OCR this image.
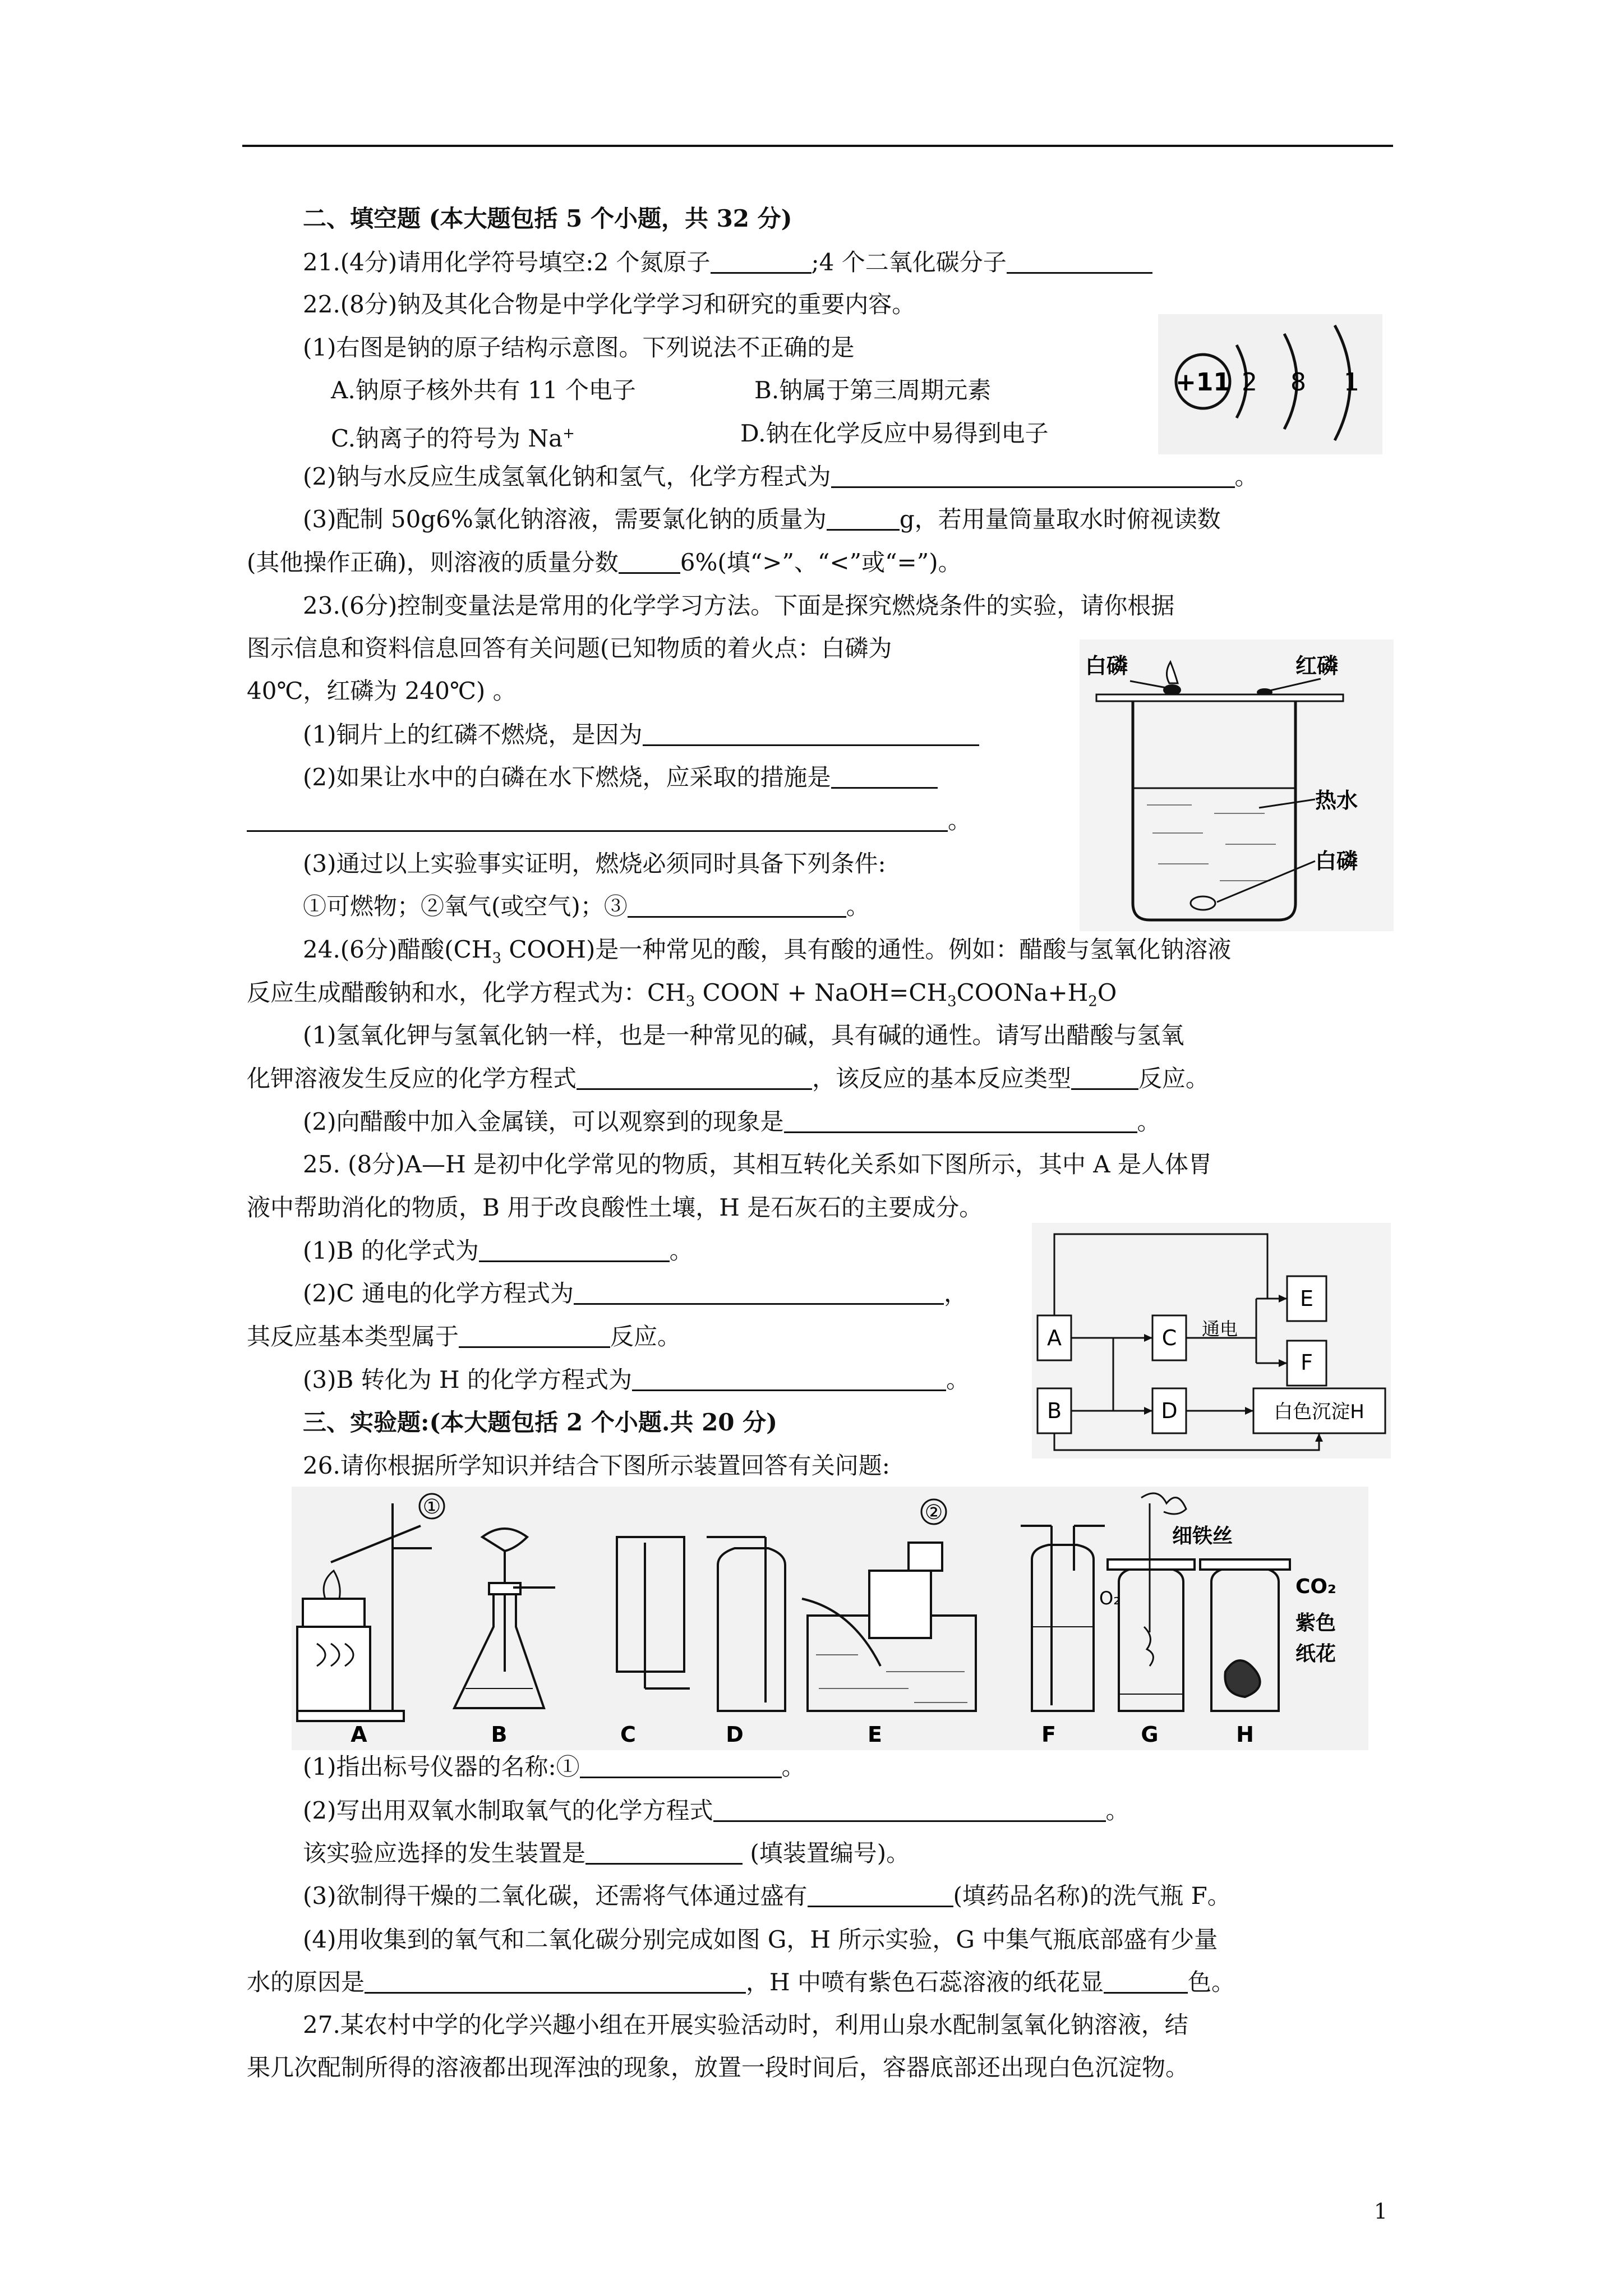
二、填空题 (本大题包括 5 个小题，共 32 分)
21.(4分)请用化学符号填空:2 个氮原子	;4 个二氧化碳分子
22.(8分)钠及其化合物是中学化学学习和研究的重要内容。
(1)右图是钠的原子结构示意图。下列说法不正确的是
A.钠原子核外共有 11 个电子	B.钠属于第三周期元素
C.钠离子的符号为 Na+	D.钠在化学反应中易得到电子
+11 2 8 1
(2)钠与水反应生成氢氧化钠和氢气，化学方程式为	。
(3)配制 50g6%氯化钠溶液，需要氯化钠的质量为	g，若用量筒量取水时俯视读数
(其他操作正确)，则溶液的质量分数	6%(填“>”、“<”或“=”)。
23.(6分)控制变量法是常用的化学学习方法。下面是探究燃烧条件的实验，请你根据
图示信息和资料信息回答有关问题(已知物质的着火点：白磷为
40℃，红磷为 240℃) 。
(1)铜片上的红磷不燃烧，是因为
(2)如果让水中的白磷在水下燃烧，应采取的措施是
。
(3)通过以上实验事实证明，燃烧必须同时具备下列条件:
①可燃物；②氧气(或空气)；③	。
白磷	红磷
热水
白磷
24.(6分)醋酸($CH_3$ COOH)是一种常见的酸，具有酸的通性。例如：醋酸与氢氧化钠溶液
反应生成醋酸钠和水，化学方程式为：$CH_3$ COON + $NaOH=CH_3COONa+H_2O$
(1)氢氧化钾与氢氧化钠一样，也是一种常见的碱，具有碱的通性。请写出醋酸与氢氧
化钾溶液发生反应的化学方程式	，该反应的基本反应类型	反应。
(2)向醋酸中加入金属镁，可以观察到的现象是	。
25. (8分)A—H 是初中化学常见的物质，其相互转化关系如下图所示，其中 A 是人体胃
液中帮助消化的物质，B 用于改良酸性土壤，H 是石灰石的主要成分。
(1)B 的化学式为	。
(2)C 通电的化学方程式为	，
其反应基本类型属于	反应。
(3)B 转化为 H 的化学方程式为	。
A
B
C
D
E
F
白色沉淀H
通电
三、实验题:(本大题包括 2 个小题.共 20 分)
26.请你根据所学知识并结合下图所示装置回答有关问题:
①	②
O₂
细铁丝
CO₂
紫色
纸花
A	B	C	D	E	F	G	H
(1)指出标号仪器的名称:①	。
(2)写出用双氧水制取氧气的化学方程式	。
该实验应选择的发生装置是	(填装置编号)。
(3)欲制得干燥的二氧化碳，还需将气体通过盛有	(填药品名称)的洗气瓶 F。
(4)用收集到的氧气和二氧化碳分别完成如图 G，H 所示实验，G 中集气瓶底部盛有少量
水的原因是	，H 中喷有紫色石蕊溶液的纸花显	色。
27.某农村中学的化学兴趣小组在开展实验活动时，利用山泉水配制氢氧化钠溶液，结
果几次配制所得的溶液都出现浑浊的现象，放置一段时间后，容器底部还出现白色沉淀物。
1
